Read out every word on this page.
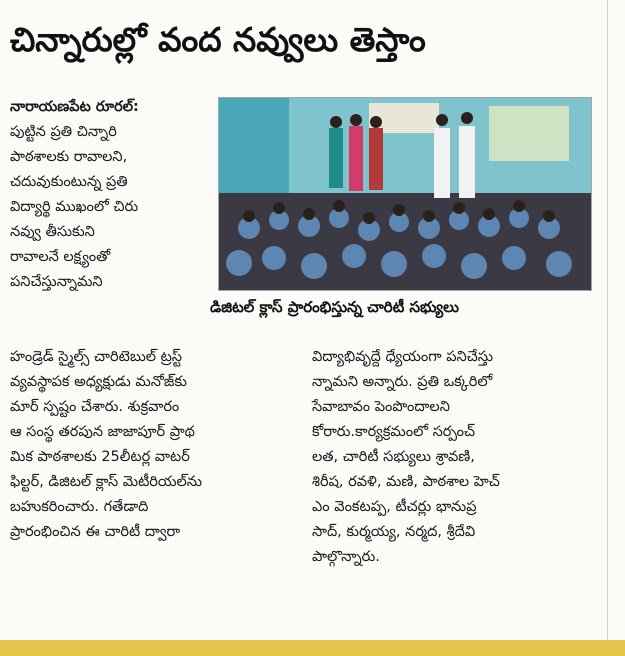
చిన్నారుల్లో వంద నవ్వులు తెస్తాం
నారాయణపేట రూరల్:
పుట్టిన ప్రతి చిన్నారి
పాఠశాలకు రావాలని,
చదువుకుంటున్న ప్రతి
విద్యార్థి ముఖంలో చిరు
నవ్వు తీసుకుని
రావాలనే లక్ష్యంతో
పనిచేస్తున్నామని
డిజిటల్ క్లాస్ ప్రారంభిస్తున్న చారిటీ సభ్యులు
హండ్రెడ్ స్మైల్స్ చారిటెబుల్ ట్రస్ట్
వ్యవస్థాపక అధ్యక్షుడు మనోజ్‌కు
మార్ స్పష్టం చేశారు. శుక్రవారం
ఆ సంస్థ తరపున జాజాపూర్ ప్రాథ
మిక పాఠశాలకు 25లీటర్ల వాటర్
ఫిల్టర్, డిజిటల్ క్లాస్ మెటీరియల్‌ను
బహుకరించారు. గతేడాది
ప్రారంభించిన ఈ చారిటీ ద్వారా
విద్యాభివృద్దే ధ్యేయంగా పనిచేస్తు
న్నామని అన్నారు. ప్రతి ఒక్కరిలో
సేవాబావం పెంపొందాలని
కోరారు.కార్యక్రమంలో సర్పంచ్
లత, చారిటీ సభ్యులు శ్రావణి,
శిరీష, రవళి, మణి, పాఠశాల హెచ్
ఎం వెంకటప్ప, టీచర్లు భానుప్ర
సాద్, కుర్మయ్య, నర్మద, శ్రీదేవి
పాల్గొన్నారు.
